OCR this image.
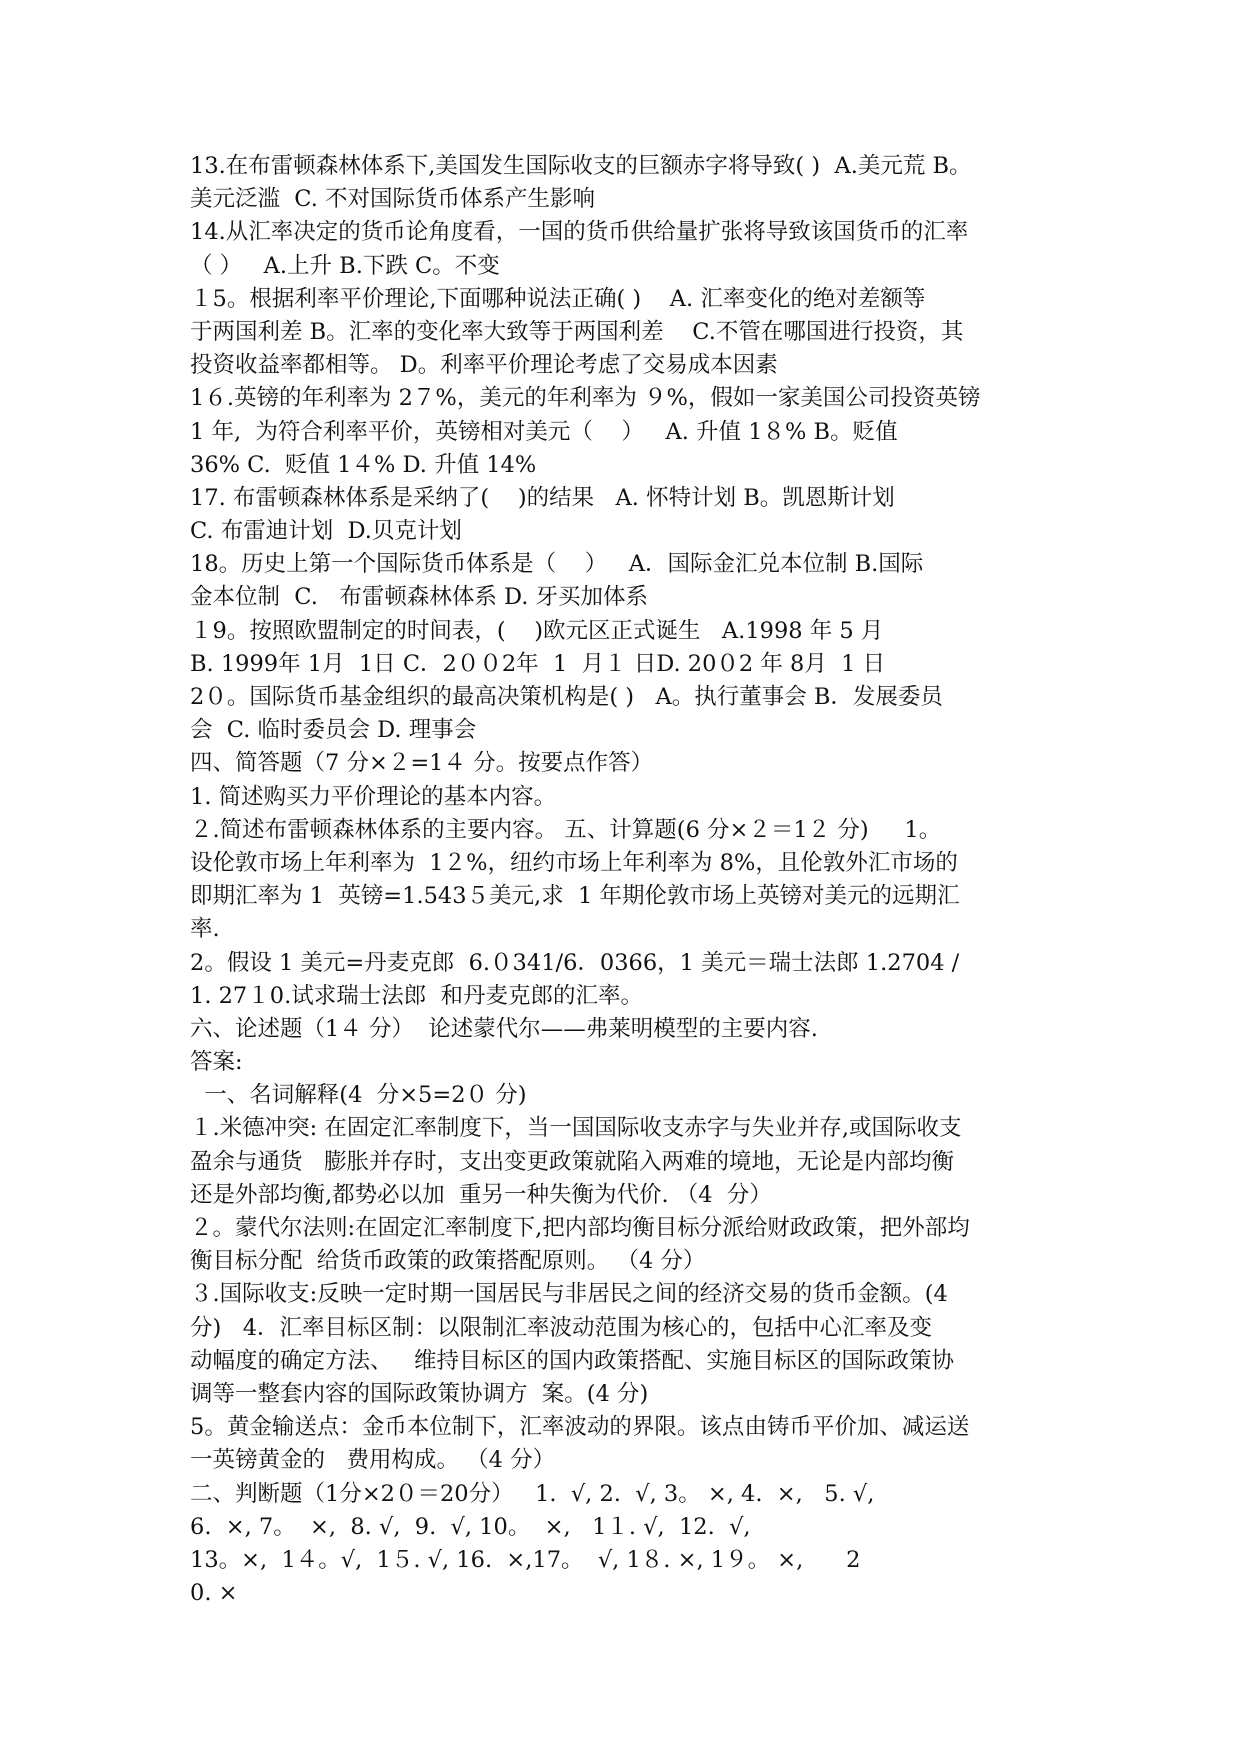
13.在布雷顿森林体系下,美国发生国际收支的巨额赤字将导致( )  A.美元荒 B。
美元泛滥  C. 不对国际货币体系产生影响
14.从汇率决定的货币论角度看，一国的货币供给量扩张将导致该国货币的汇率
（ ）   A.上升 B.下跌 C。不变
１5。根据利率平价理论,下面哪种说法正确( )    A. 汇率变化的绝对差额等
于两国利差 B。汇率的变化率大致等于两国利差    C.不管在哪国进行投资，其
投资收益率都相等。 D。利率平价理论考虑了交易成本因素
1６.英镑的年利率为 2７%，美元的年利率为 ９%，假如一家美国公司投资英镑
1 年,  为符合利率平价，英镑相对美元（    ）   A. 升值 1８% B。贬值
36% C.  贬值 1４% D. 升值 14%
17. 布雷顿森林体系是采纳了(    )的结果   A. 怀特计划 B。凯恩斯计划
C. 布雷迪计划  D.贝克计划
18。历史上第一个国际货币体系是（    ）   A．国际金汇兑本位制 B.国际
金本位制  C.   布雷顿森林体系 D. 牙买加体系
１9。按照欧盟制定的时间表，(    )欧元区正式诞生   A.1998 年 5 月
B. 1999年 1月  1日 C．2００2年  1  月１ 日D. 20０2 年 8月  1 日
2０。国际货币基金组织的最高决策机构是( )   A。执行董事会 B．发展委员
会  C. 临时委员会 D. 理事会
四、简答题（7 分×２=1４ 分。按要点作答）
1. 简述购买力平价理论的基本内容。
２.简述布雷顿森林体系的主要内容。 五、计算题(6 分×２＝1２ 分)     1。
设伦敦市场上年利率为  1２%，纽约市场上年利率为 8%，且伦敦外汇市场的
即期汇率为 1  英镑=1.543５美元,求  1 年期伦敦市场上英镑对美元的远期汇
率.
2。假设 1 美元=丹麦克郎  6.０341/6．0366，1 美元＝瑞士法郎 1.2704 /
1. 27１0.试求瑞士法郎  和丹麦克郎的汇率。
六、论述题（1４ 分）  论述蒙代尔——弗莱明模型的主要内容.
答案:
一、名词解释(4  分×5=2０ 分)
１.米德冲突: 在固定汇率制度下，当一国国际收支赤字与失业并存,或国际收支
盈余与通货   膨胀并存时，支出变更政策就陷入两难的境地，无论是内部均衡
还是外部均衡,都势必以加  重另一种失衡为代价. （4  分）
２。蒙代尔法则:在固定汇率制度下,把内部均衡目标分派给财政政策，把外部均
衡目标分配  给货币政策的政策搭配原则。 （4 分）
３.国际收支:反映一定时期一国居民与非居民之间的经济交易的货币金额。(4
分)   4．汇率目标区制：以限制汇率波动范围为核心的，包括中心汇率及变
动幅度的确定方法、   维持目标区的国内政策搭配、实施目标区的国际政策协
调等一整套内容的国际政策协调方  案。(4 分)
5。黄金输送点：金币本位制下，汇率波动的界限。该点由铸币平价加、减运送
一英镑黄金的   费用构成。 （4 分）
二、判断题（1分×2０＝20分）   1.  √, 2.  √, 3。 ×, 4.  ×,   5. √,
6.  ×, 7。  ×,  8. √,  9.  √, 10。  ×,   1１. √,  12.  √,
13。×,  1４。√,  1５. √, 16.  ×,17。  √, 1８. ×, 1９。 ×,      2
0. ×
